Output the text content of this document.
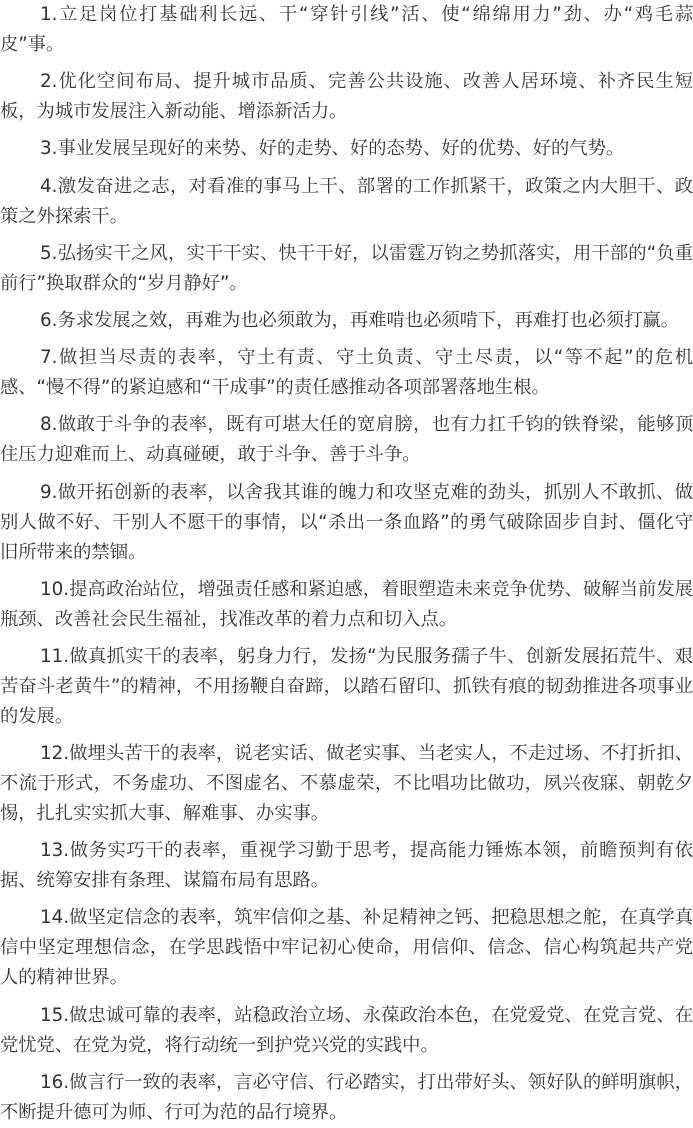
1.立足岗位打基础利长远、干“穿针引线”活、使“绵绵用力”劲、办“鸡毛蒜皮”事。

2.优化空间布局、提升城市品质、完善公共设施、改善人居环境、补齐民生短板，为城市发展注入新动能、增添新活力。

3.事业发展呈现好的来势、好的走势、好的态势、好的优势、好的气势。

4.激发奋进之志，对看准的事马上干、部署的工作抓紧干，政策之内大胆干、政策之外探索干。

5.弘扬实干之风，实干干实、快干干好，以雷霆万钧之势抓落实，用干部的“负重前行”换取群众的“岁月静好”。

6.务求发展之效，再难为也必须敢为，再难啃也必须啃下，再难打也必须打赢。

7.做担当尽责的表率，守土有责、守土负责、守土尽责，以“等不起”的危机感、“慢不得”的紧迫感和“干成事”的责任感推动各项部署落地生根。

8.做敢于斗争的表率，既有可堪大任的宽肩膀，也有力扛千钧的铁脊梁，能够顶住压力迎难而上、动真碰硬，敢于斗争、善于斗争。

9.做开拓创新的表率，以舍我其谁的魄力和攻坚克难的劲头，抓别人不敢抓、做别人做不好、干别人不愿干的事情，以“杀出一条血路”的勇气破除固步自封、僵化守旧所带来的禁锢。

10.提高政治站位，增强责任感和紧迫感，着眼塑造未来竞争优势、破解当前发展瓶颈、改善社会民生福祉，找准改革的着力点和切入点。

11.做真抓实干的表率，躬身力行，发扬“为民服务孺子牛、创新发展拓荒牛、艰苦奋斗老黄牛”的精神，不用扬鞭自奋蹄，以踏石留印、抓铁有痕的韧劲推进各项事业的发展。

12.做埋头苦干的表率，说老实话、做老实事、当老实人，不走过场、不打折扣、不流于形式，不务虚功、不图虚名、不慕虚荣，不比唱功比做功，夙兴夜寐、朝乾夕惕，扎扎实实抓大事、解难事、办实事。

13.做务实巧干的表率，重视学习勤于思考，提高能力锤炼本领，前瞻预判有依据、统筹安排有条理、谋篇布局有思路。

14.做坚定信念的表率，筑牢信仰之基、补足精神之钙、把稳思想之舵，在真学真信中坚定理想信念，在学思践悟中牢记初心使命，用信仰、信念、信心构筑起共产党人的精神世界。

15.做忠诚可靠的表率，站稳政治立场、永葆政治本色，在党爱党、在党言党、在党忧党、在党为党，将行动统一到护党兴党的实践中。

16.做言行一致的表率，言必守信、行必踏实，打出带好头、领好队的鲜明旗帜，不断提升德可为师、行可为范的品行境界。
